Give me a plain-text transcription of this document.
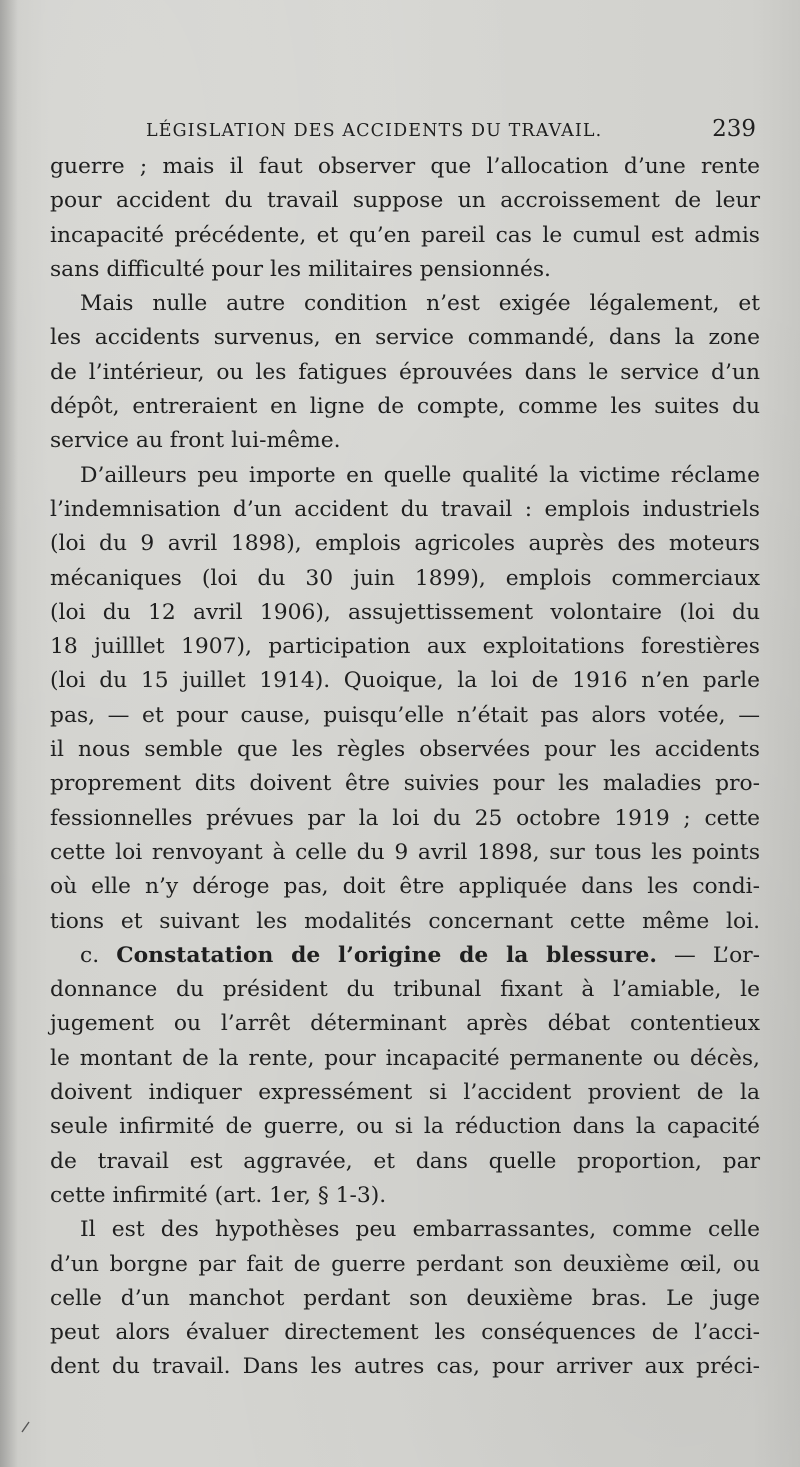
LÉGISLATION DES ACCIDENTS DU TRAVAIL.	239
guerre ; mais il faut observer que l’allocation d’une rente
pour accident du travail suppose un accroissement de leur
incapacité précédente, et qu’en pareil cas le cumul est admis
sans difficulté pour les militaires pensionnés.
Mais nulle autre condition n’est exigée légalement, et
les accidents survenus, en service commandé, dans la zone
de l’intérieur, ou les fatigues éprouvées dans le service d’un
dépôt, entreraient en ligne de compte, comme les suites du
service au front lui-même.
D’ailleurs peu importe en quelle qualité la victime réclame
l’indemnisation d’un accident du travail : emplois industriels
(loi du 9 avril 1898), emplois agricoles auprès des moteurs
mécaniques (loi du 30 juin 1899), emplois commerciaux
(loi du 12 avril 1906), assujettissement volontaire (loi du
18 juilllet 1907), participation aux exploitations forestières
(loi du 15 juillet 1914). Quoique, la loi de 1916 n’en parle
pas, — et pour cause, puisqu’elle n’était pas alors votée, —
il nous semble que les règles observées pour les accidents
proprement dits doivent être suivies pour les maladies pro-
fessionnelles prévues par la loi du 25 octobre 1919 ; cette
cette loi renvoyant à celle du 9 avril 1898, sur tous les points
où elle n’y déroge pas, doit être appliquée dans les condi-
tions et suivant les modalités concernant cette même loi.
c. Constatation de l’origine de la blessure. — L’or-
donnance du président du tribunal fixant à l’amiable, le
jugement ou l’arrêt déterminant après débat contentieux
le montant de la rente, pour incapacité permanente ou décès,
doivent indiquer expressément si l’accident provient de la
seule infirmité de guerre, ou si la réduction dans la capacité
de travail est aggravée, et dans quelle proportion, par
cette infirmité (art. 1er, § 1-3).
Il est des hypothèses peu embarrassantes, comme celle
d’un borgne par fait de guerre perdant son deuxième œil, ou
celle d’un manchot perdant son deuxième bras. Le juge
peut alors évaluer directement les conséquences de l’acci-
dent du travail. Dans les autres cas, pour arriver aux préci-
